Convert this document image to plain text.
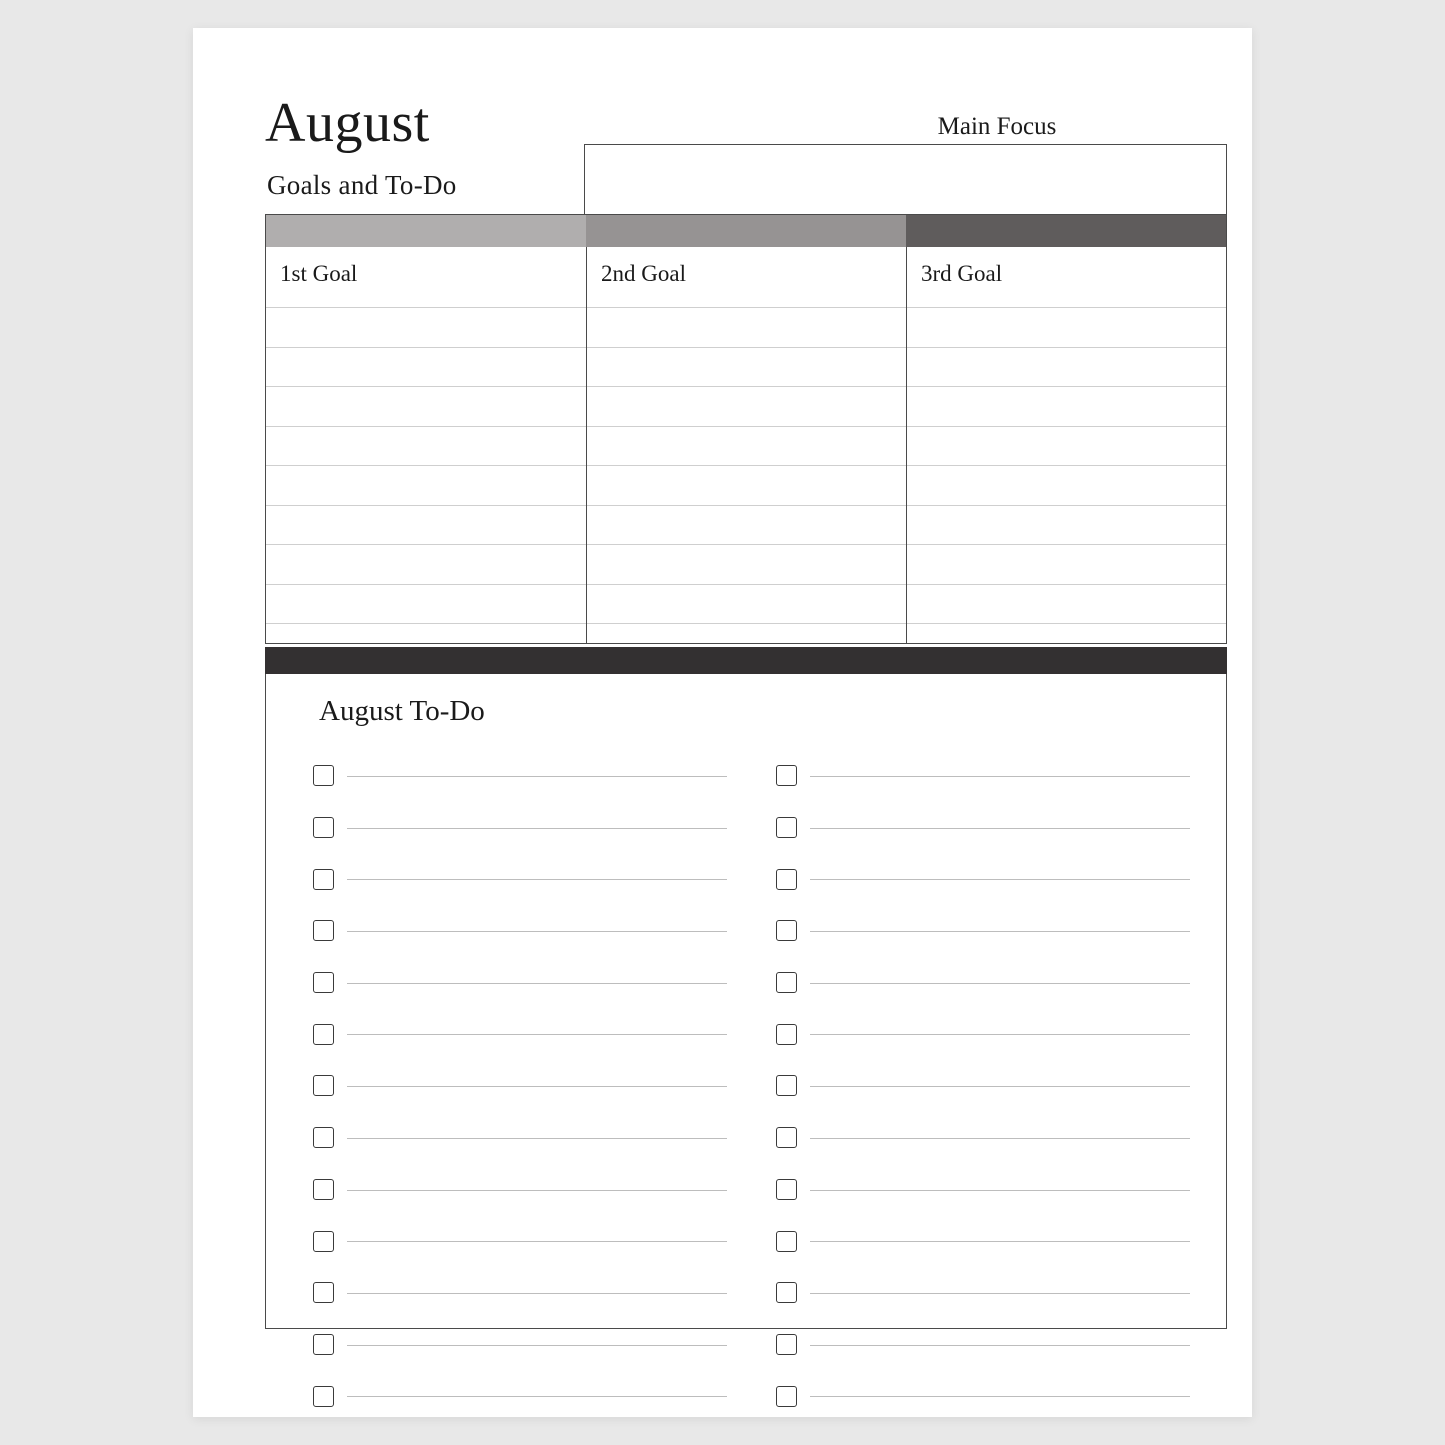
August
Goals and To-Do
Main Focus
1st Goal	2nd Goal	3rd Goal
August To-Do
